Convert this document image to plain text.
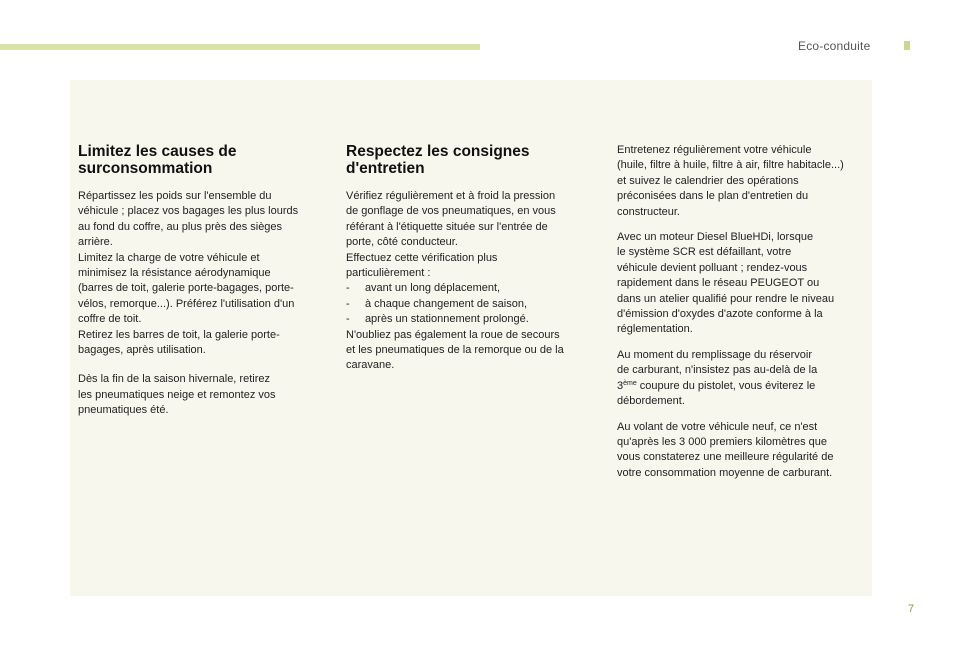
Eco-conduite
Limitez les causes de surconsommation

Répartissez les poids sur l'ensemble du
véhicule ; placez vos bagages les plus lourds
au fond du coffre, au plus près des sièges
arrière.
Limitez la charge de votre véhicule et
minimisez la résistance aérodynamique
(barres de toit, galerie porte-bagages, porte-
vélos, remorque...). Préférez l'utilisation d'un
coffre de toit.
Retirez les barres de toit, la galerie porte-
bagages, après utilisation.

Dès la fin de la saison hivernale, retirez
les pneumatiques neige et remontez vos
pneumatiques été.

Respectez les consignes d'entretien

Vérifiez régulièrement et à froid la pression
de gonflage de vos pneumatiques, en vous
référant à l'étiquette située sur l'entrée de
porte, côté conducteur.
Effectuez cette vérification plus
particulièrement :
-     avant un long déplacement,
-     à chaque changement de saison,
-     après un stationnement prolongé.
N'oubliez pas également la roue de secours
et les pneumatiques de la remorque ou de la
caravane.

Entretenez régulièrement votre véhicule
(huile, filtre à huile, filtre à air, filtre habitacle...)
et suivez le calendrier des opérations
préconisées dans le plan d'entretien du
constructeur.

Avec un moteur Diesel BlueHDi, lorsque
le système SCR est défaillant, votre
véhicule devient polluant ; rendez-vous
rapidement dans le réseau PEUGEOT ou
dans un atelier qualifié pour rendre le niveau
d'émission d'oxydes d'azote conforme à la
réglementation.

Au moment du remplissage du réservoir
de carburant, n'insistez pas au-delà de la
3ème coupure du pistolet, vous éviterez le
débordement.

Au volant de votre véhicule neuf, ce n'est
qu'après les 3 000 premiers kilomètres que
vous constaterez une meilleure régularité de
votre consommation moyenne de carburant.

7
